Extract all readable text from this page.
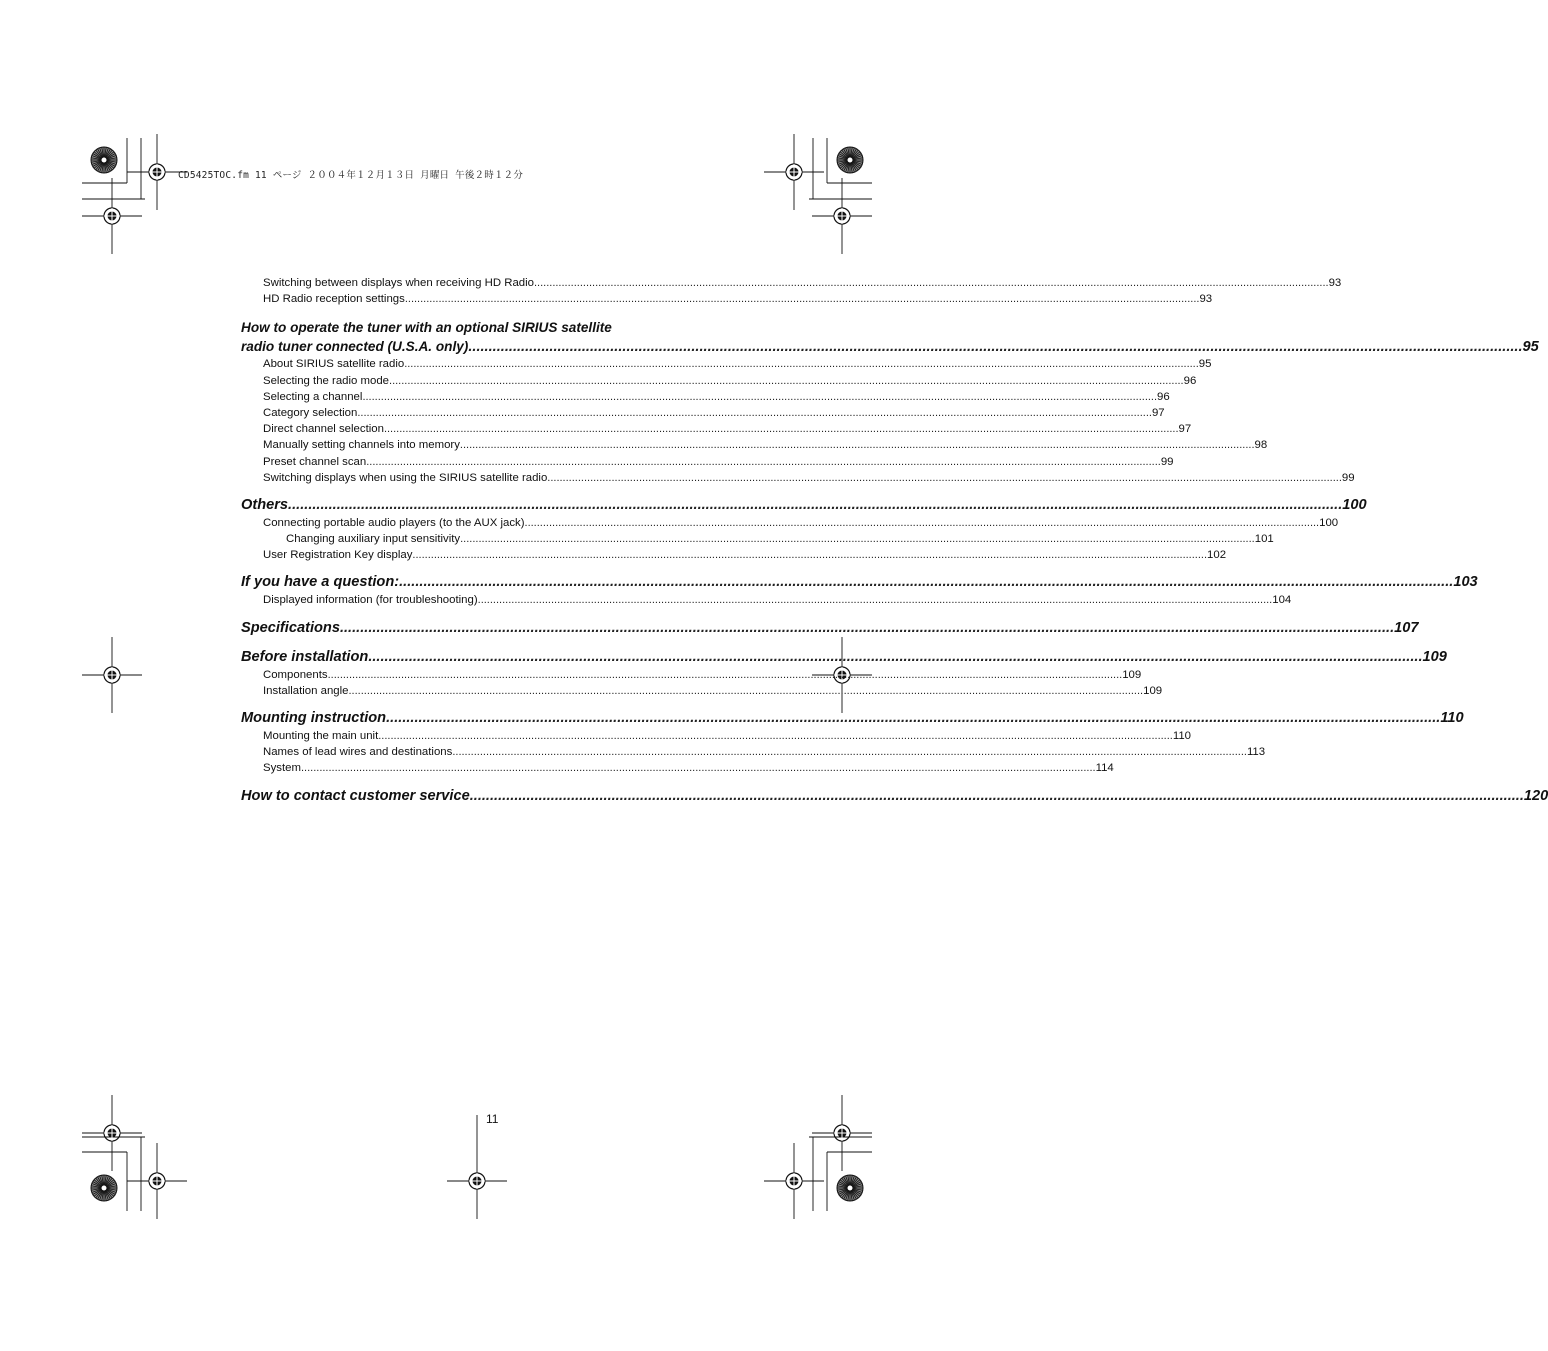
CD5425TOC.fm 11 ページ ２００４年１２月１３日 月曜日 午後２時１２分
Switching between displays when receiving HD Radio .................................................................................................................................................................................................................................................................... 93
HD Radio reception settings .................................................................................................................................................................................................................................................................... 93
How to operate the tuner with an optional SIRIUS satellite
radio tuner connected (U.S.A. only) .................................................................................................................................................................................................................................................................... 95
About SIRIUS satellite radio .................................................................................................................................................................................................................................................................... 95
Selecting the radio mode .................................................................................................................................................................................................................................................................... 96
Selecting a channel .................................................................................................................................................................................................................................................................... 96
Category selection .................................................................................................................................................................................................................................................................... 97
Direct channel selection .................................................................................................................................................................................................................................................................... 97
Manually setting channels into memory .................................................................................................................................................................................................................................................................... 98
Preset channel scan .................................................................................................................................................................................................................................................................... 99
Switching displays when using the SIRIUS satellite radio .................................................................................................................................................................................................................................................................... 99
Others .................................................................................................................................................................................................................................................................... 100
Connecting portable audio players (to the AUX jack) .................................................................................................................................................................................................................................................................... 100
Changing auxiliary input sensitivity .................................................................................................................................................................................................................................................................... 101
User Registration Key display .................................................................................................................................................................................................................................................................... 102
If you have a question: .................................................................................................................................................................................................................................................................... 103
Displayed information (for troubleshooting) .................................................................................................................................................................................................................................................................... 104
Specifications .................................................................................................................................................................................................................................................................... 107
Before installation .................................................................................................................................................................................................................................................................... 109
Components .................................................................................................................................................................................................................................................................... 109
Installation angle .................................................................................................................................................................................................................................................................... 109
Mounting instruction .................................................................................................................................................................................................................................................................... 110
Mounting the main unit .................................................................................................................................................................................................................................................................... 110
Names of lead wires and destinations .................................................................................................................................................................................................................................................................... 113
System .................................................................................................................................................................................................................................................................... 114
How to contact customer service .................................................................................................................................................................................................................................................................... 120
11
